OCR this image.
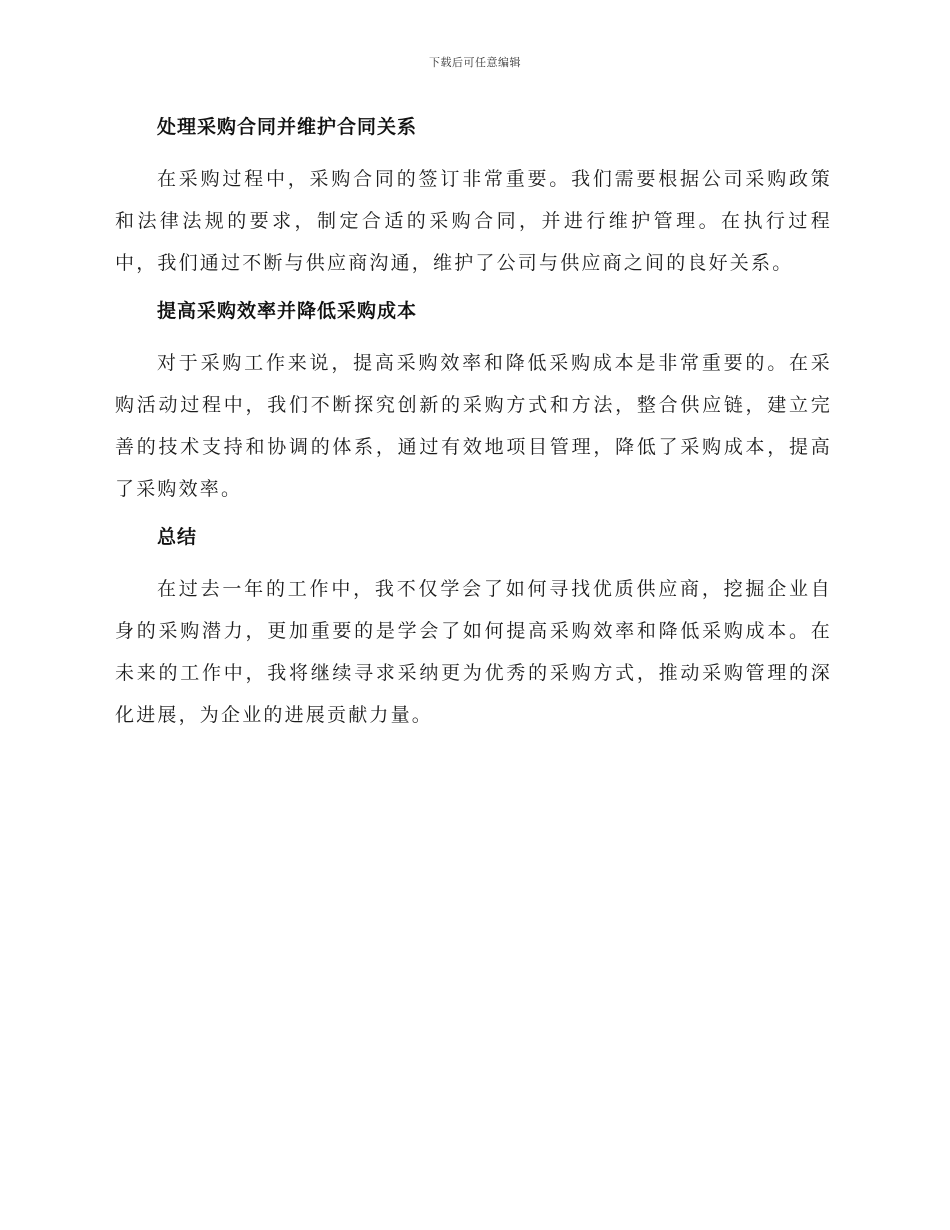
下载后可任意编辑
处理采购合同并维护合同关系

在采购过程中，采购合同的签订非常重要。我们需要根据公司采购政策和法律法规的要求，制定合适的采购合同，并进行维护管理。在执行过程中，我们通过不断与供应商沟通，维护了公司与供应商之间的良好关系。

提高采购效率并降低采购成本

对于采购工作来说，提高采购效率和降低采购成本是非常重要的。在采购活动过程中，我们不断探究创新的采购方式和方法，整合供应链，建立完善的技术支持和协调的体系，通过有效地项目管理，降低了采购成本，提高了采购效率。

总结

在过去一年的工作中，我不仅学会了如何寻找优质供应商，挖掘企业自身的采购潜力，更加重要的是学会了如何提高采购效率和降低采购成本。在未来的工作中，我将继续寻求采纳更为优秀的采购方式，推动采购管理的深化进展，为企业的进展贡献力量。
